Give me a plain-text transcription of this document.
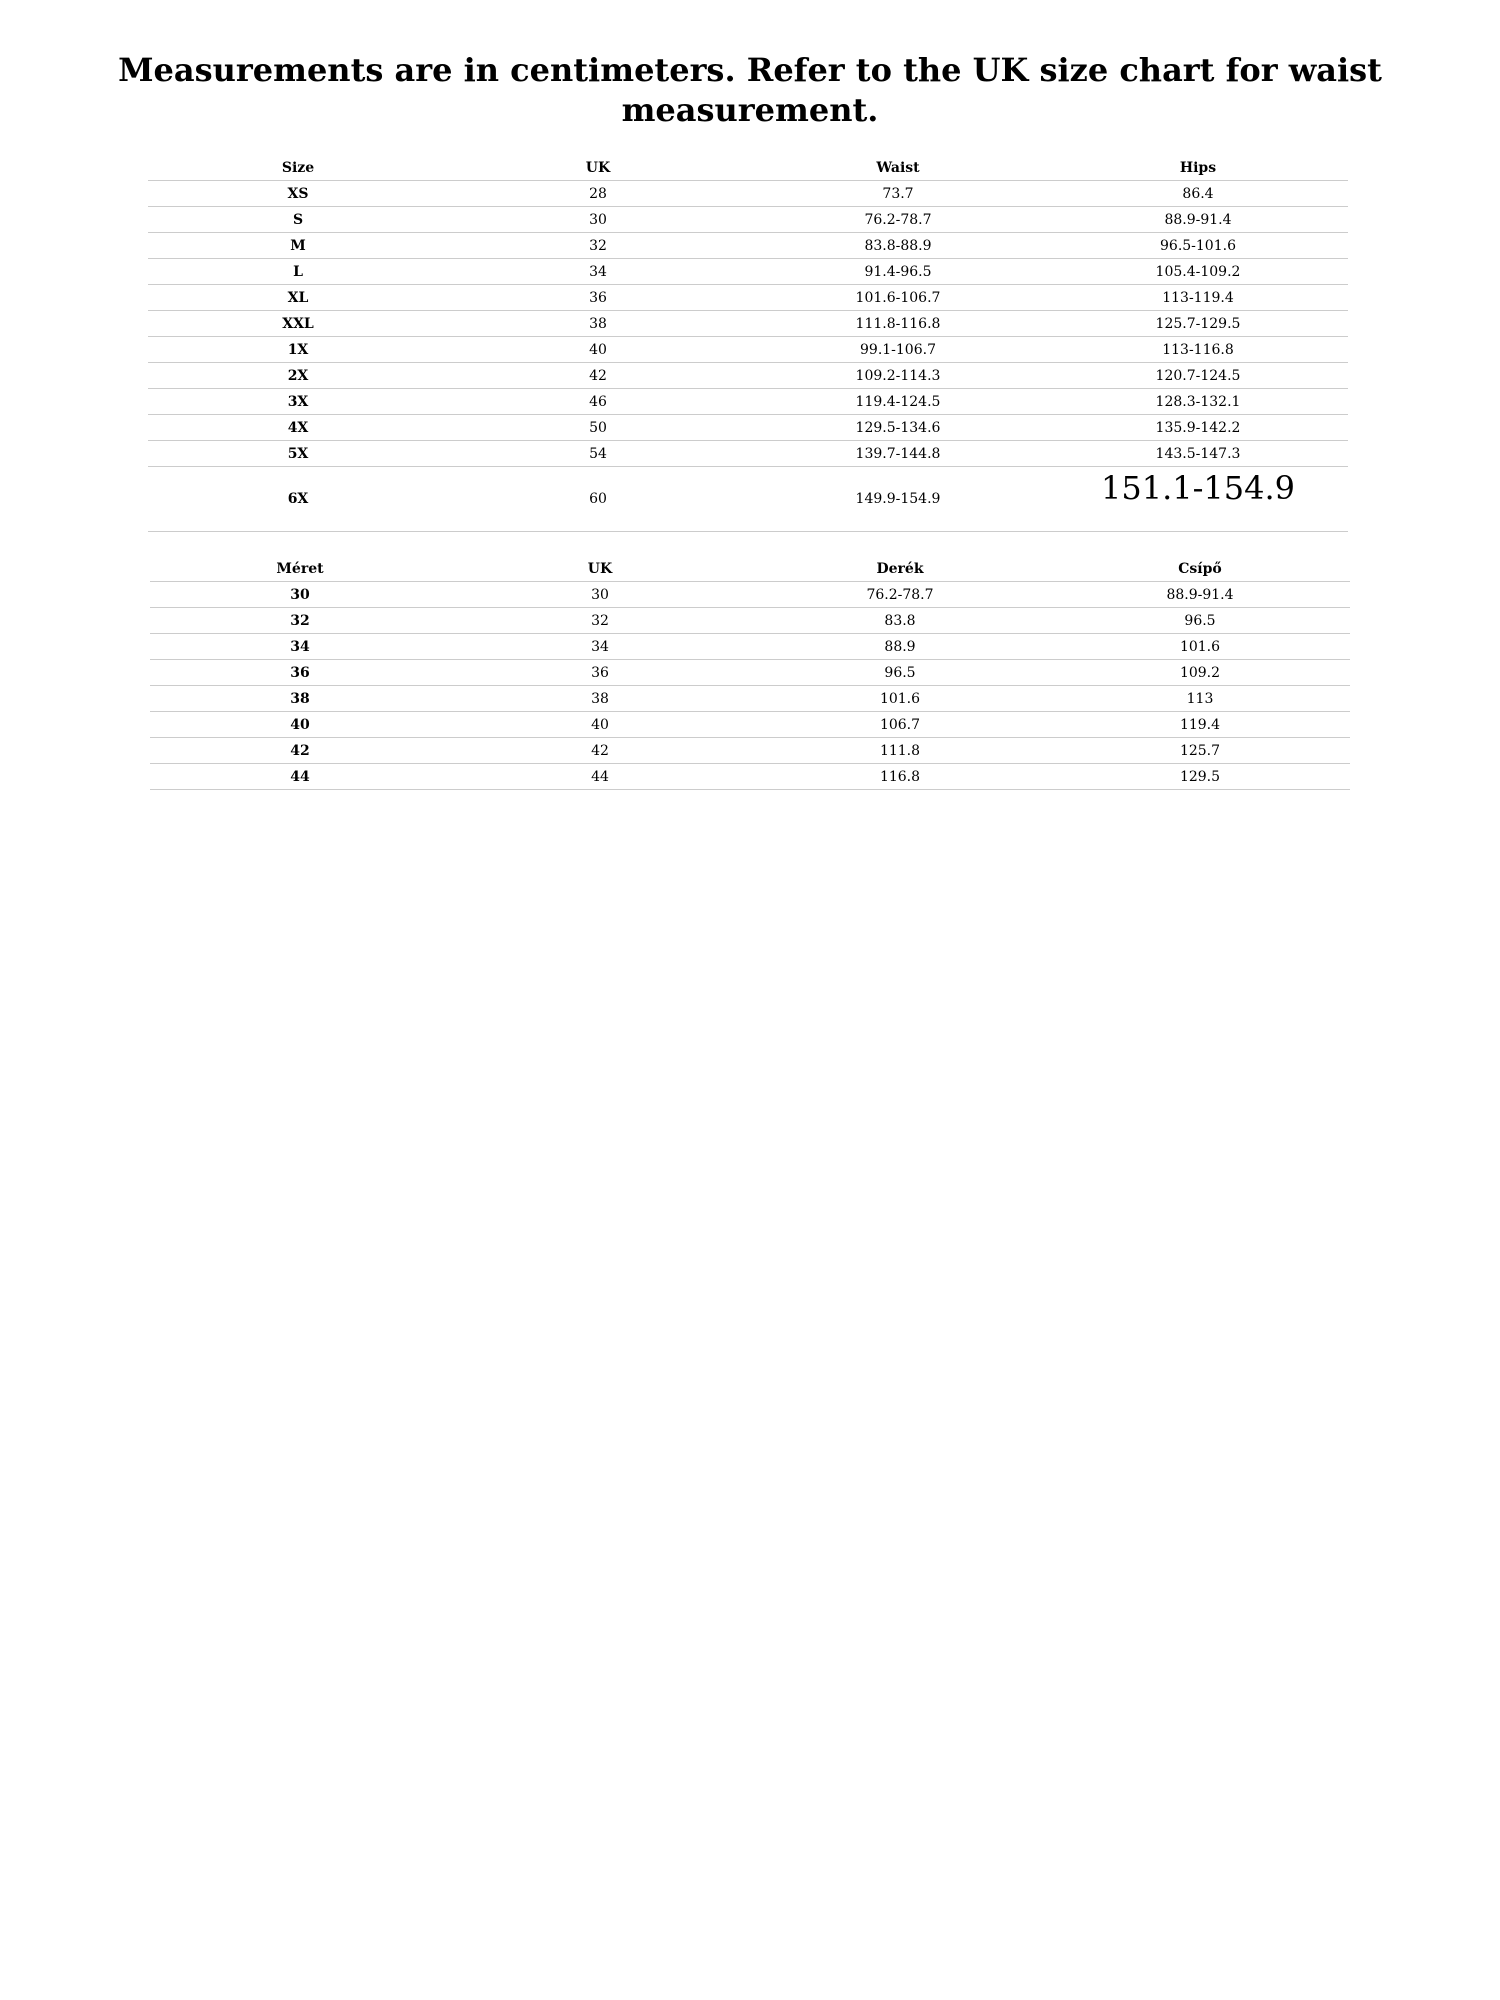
Measurements are in centimeters. Refer to the UK size chart for waist measurement.
Size	UK	Waist	Hips
XS	28	73.7	86.4
S	30	76.2-78.7	88.9-91.4
M	32	83.8-88.9	96.5-101.6
L	34	91.4-96.5	105.4-109.2
XL	36	101.6-106.7	113-119.4
XXL	38	111.8-116.8	125.7-129.5
1X	40	99.1-106.7	113-116.8
2X	42	109.2-114.3	120.7-124.5
3X	46	119.4-124.5	128.3-132.1
4X	50	129.5-134.6	135.9-142.2
5X	54	139.7-144.8	143.5-147.3
6X	60	149.9-154.9	151.1-154.9
Méret	UK	Derék	Csípő
30	30	76.2-78.7	88.9-91.4
32	32	83.8	96.5
34	34	88.9	101.6
36	36	96.5	109.2
38	38	101.6	113
40	40	106.7	119.4
42	42	111.8	125.7
44	44	116.8	129.5
